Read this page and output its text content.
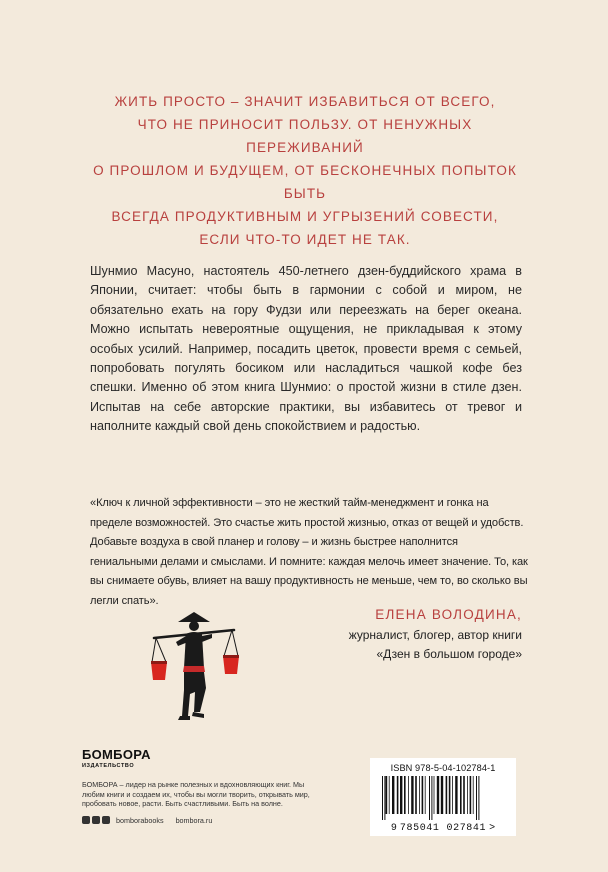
ЖИТЬ ПРОСТО – ЗНАЧИТ ИЗБАВИТЬСЯ ОТ ВСЕГО,
ЧТО НЕ ПРИНОСИТ ПОЛЬЗУ. ОТ НЕНУЖНЫХ ПЕРЕЖИВАНИЙ
О ПРОШЛОМ И БУДУЩЕМ, ОТ БЕСКОНЕЧНЫХ ПОПЫТОК БЫТЬ
ВСЕГДА ПРОДУКТИВНЫМ И УГРЫЗЕНИЙ СОВЕСТИ,
ЕСЛИ ЧТО-ТО ИДЕТ НЕ ТАК.

Шунмио Масуно, настоятель 450-летнего дзен-буддийского храма в Японии, считает: чтобы быть в гармонии с собой и миром, не обязательно ехать на гору Фудзи или переезжать на берег океана. Можно испытать невероятные ощущения, не прикладывая к этому особых усилий. Например, посадить цветок, провести время с семьей, попробовать погулять босиком или насладиться чашкой кофе без спешки. Именно об этом книга Шунмио: о простой жизни в стиле дзен. Испытав на себе авторские практики, вы избавитесь от тревог и наполните каждый свой день спокойствием и радостью.

«Ключ к личной эффективности – это не жесткий тайм-менеджмент и гонка на пределе возможностей. Это счастье жить простой жизнью, отказ от вещей и удобств. Добавьте воздуха в свой планер и голову – и жизнь быстрее наполнится гениальными делами и смыслами. И помните: каждая мелочь имеет значение. То, как вы снимаете обувь, влияет на вашу продуктивность не меньше, чем то, во сколько вы легли спать».

ЕЛЕНА ВОЛОДИНА,
журналист, блогер, автор книги
«Дзен в большом городе»
БОМБОРА
ИЗДАТЕЛЬСТВО
БОМБОРА – лидер на рынке полезных и вдохновляющих книг. Мы любим книги и создаем их, чтобы вы могли творить, открывать мир, пробовать новое, расти. Быть счастливыми. Быть на волне.
bomborabooks bombora.ru
ISBN 978-5-04-102784-1
9 785041 027841 >
